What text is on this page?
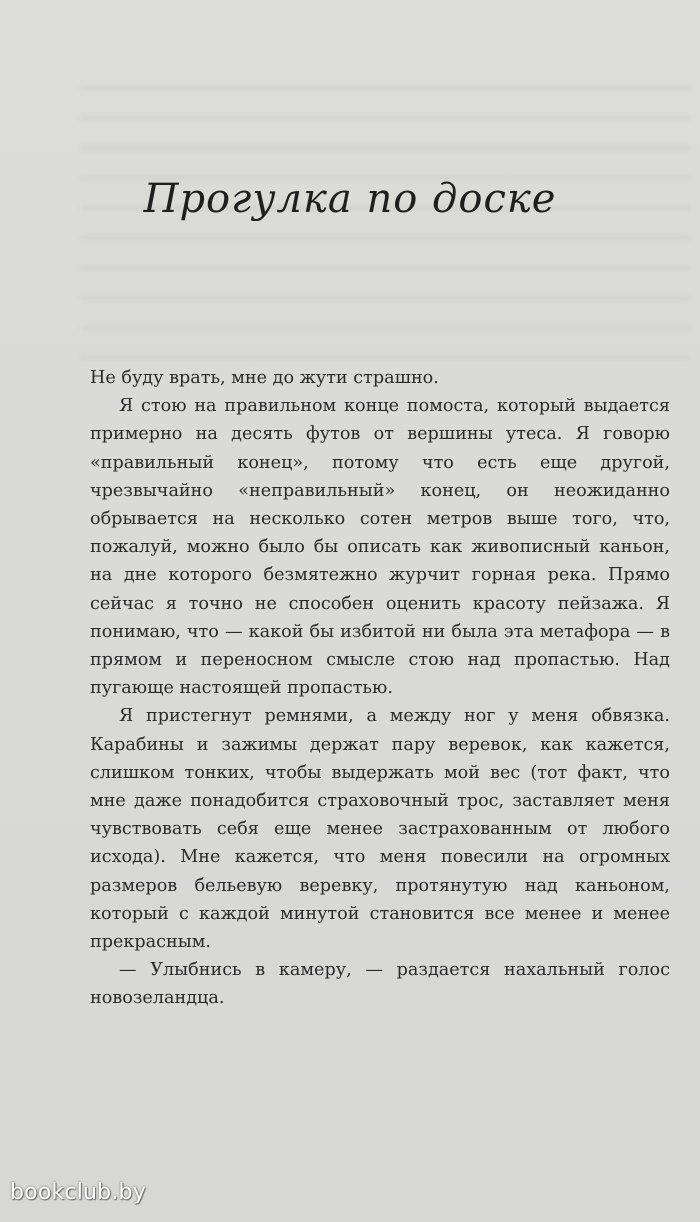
Прогулка по доске

Не буду врать, мне до жути страшно.

Я стою на правильном конце помоста, который выдается примерно на десять футов от вершины утеса. Я говорю «правильный конец», потому что есть еще другой, чрезвычайно «неправильный» конец, он неожиданно обрывается на несколько сотен метров выше того, что, пожалуй, можно было бы описать как живописный каньон, на дне которого безмятежно журчит горная река. Прямо сейчас я точно не способен оценить красоту пейзажа. Я понимаю, что — какой бы избитой ни была эта метафора — в прямом и переносном смысле стою над пропастью. Над пугающе настоящей пропастью.

Я пристегнут ремнями, а между ног у меня обвязка. Карабины и зажимы держат пару веревок, как кажется, слишком тонких, чтобы выдержать мой вес (тот факт, что мне даже понадобится страховочный трос, заставляет меня чувствовать себя еще менее застрахованным от любого исхода). Мне кажется, что меня повесили на огромных размеров бельевую веревку, протянутую над каньоном, который с каждой минутой становится все менее и менее прекрасным.

— Улыбнись в камеру, — раздается нахальный голос новозеландца.

bookclub.by
